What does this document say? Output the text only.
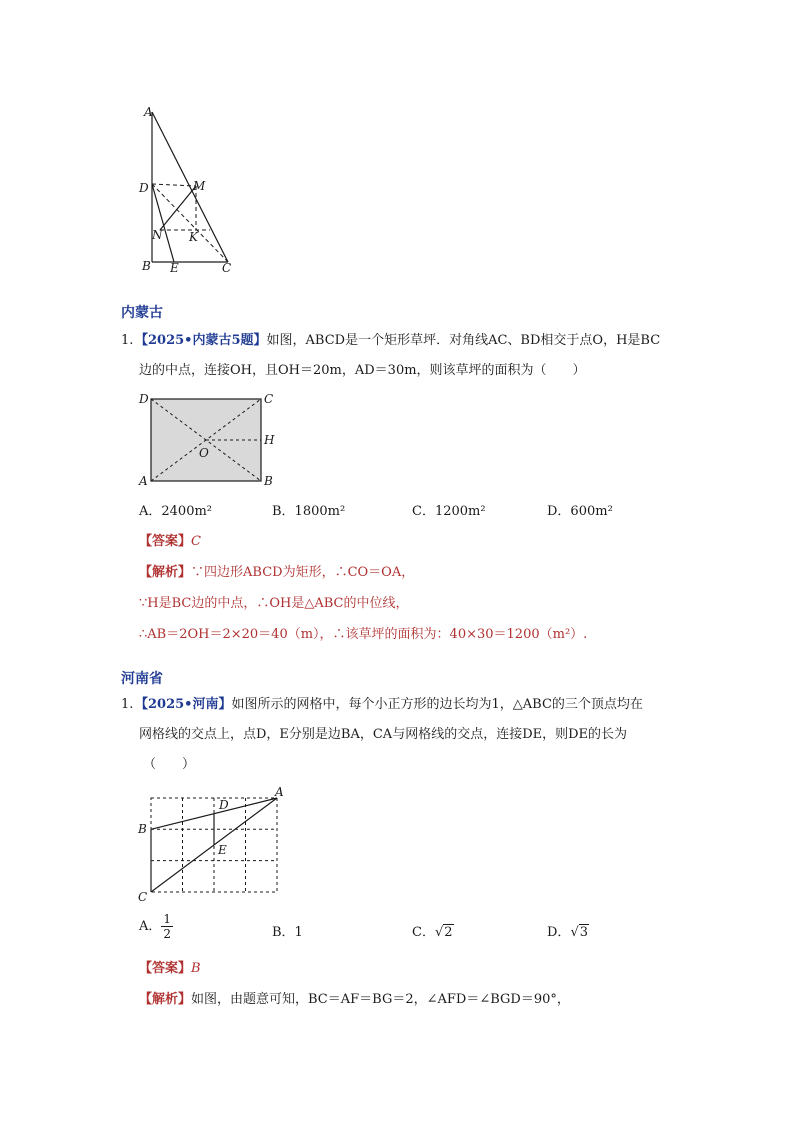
A
D	M
N K
B E	C
内蒙古
1. 【2025•内蒙古5题】如图，ABCD是一个矩形草坪．对角线AC、BD相交于点O，H是BC
边的中点，连接OH，且OH＝20m，AD＝30m，则该草坪的面积为（　　）
D	C
A	B
O
H
A．2400m²	B．1800m²	C．1200m²	D．600m²
【答案】C
【解析】∵四边形ABCD为矩形，∴CO＝OA，
∵H是BC边的中点，∴OH是△ABC的中位线，
∴AB＝2OH＝2×20＝40（m），∴该草坪的面积为：40×30＝1200（m²）.
河南省
1. 【2025•河南】如图所示的网格中，每个小正方形的边长均为1，△ABC的三个顶点均在
网格线的交点上，点D，E分别是边BA，CA与网格线的交点，连接DE，则DE的长为
（　　）
A
B
C
D
E
A． $\frac{1}{2}$	B．1	C．√2	D．√3
【答案】B
【解析】如图，由题意可知，BC＝AF＝BG＝2，∠AFD＝∠BGD＝90°，
